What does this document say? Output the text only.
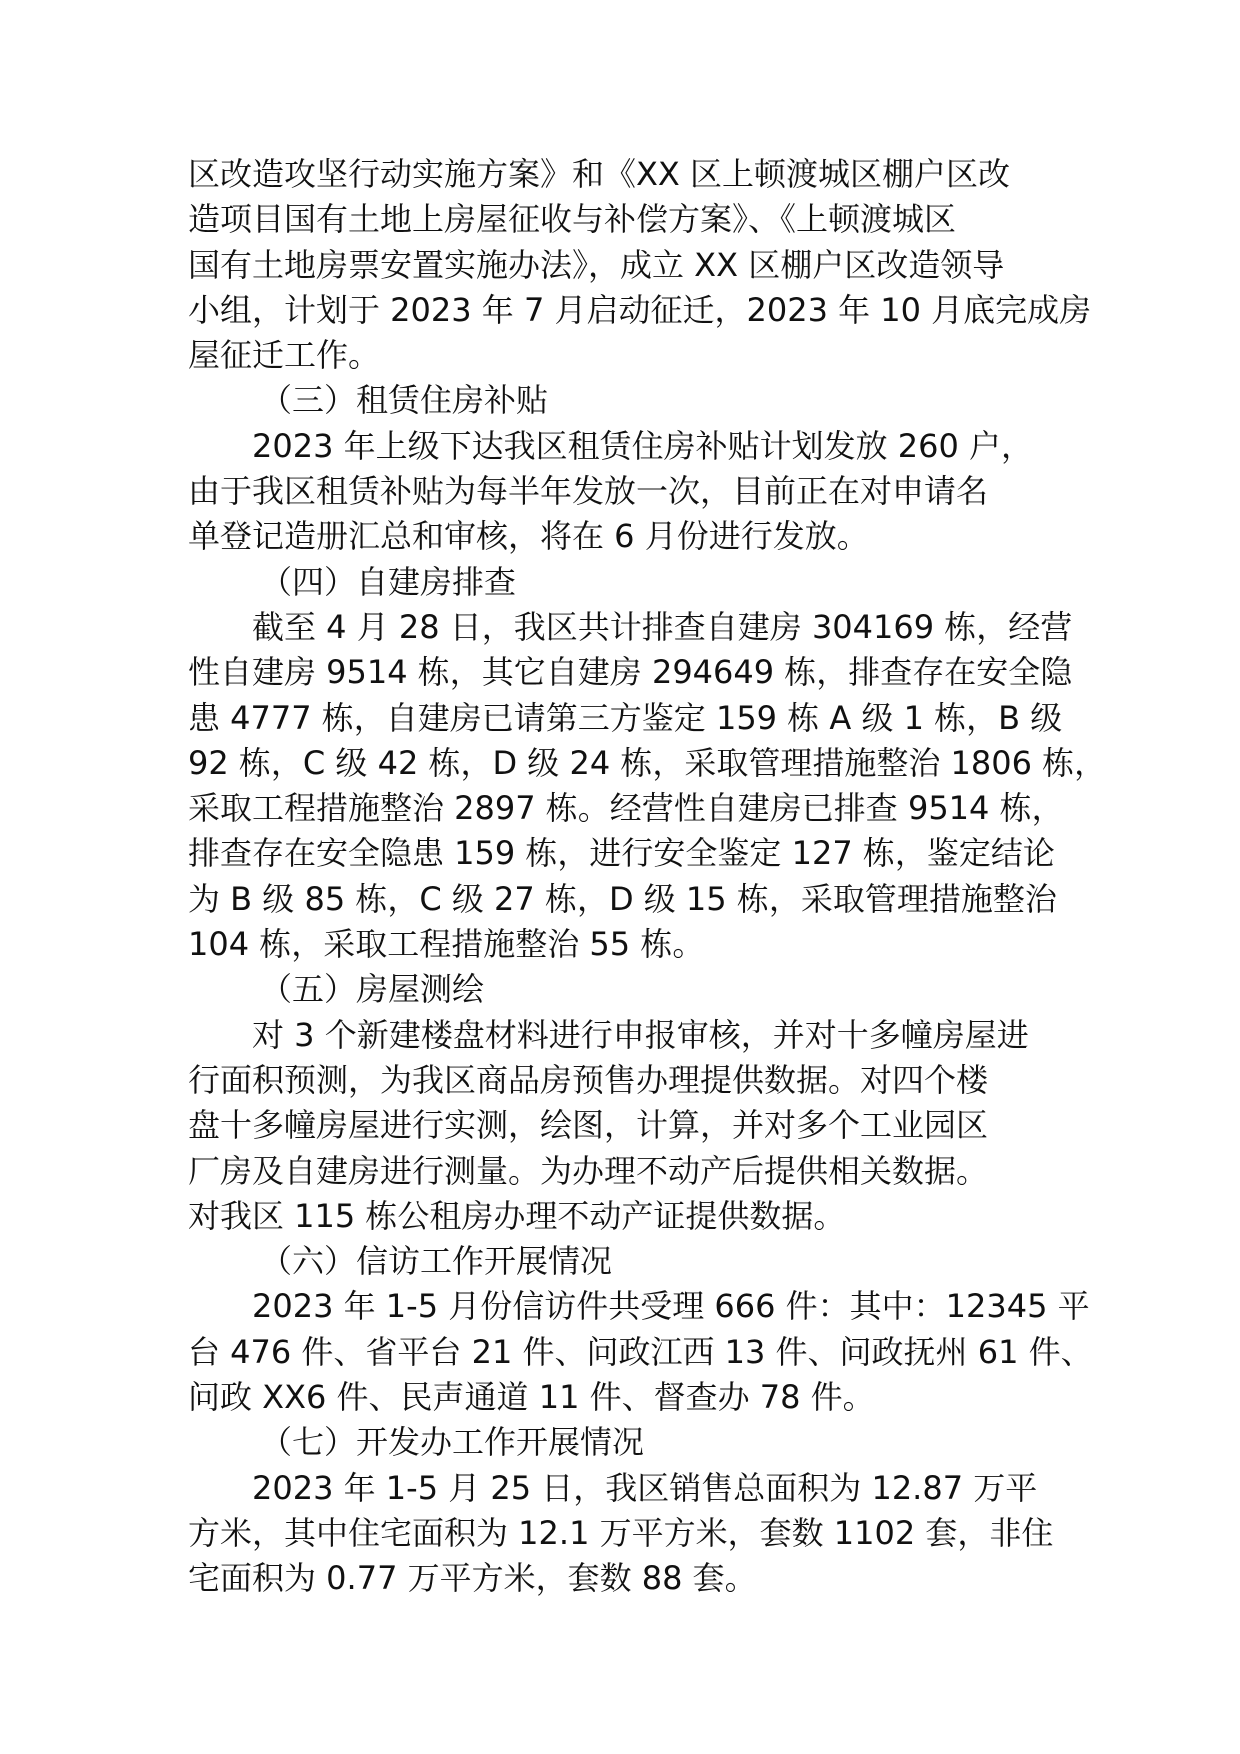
区改造攻坚行动实施方案》和《XX 区上顿渡城区棚户区改
造项目国有土地上房屋征收与补偿方案》、《上顿渡城区
国有土地房票安置实施办法》，成立 XX 区棚户区改造领导
小组，计划于 2023 年 7 月启动征迁，2023 年 10 月底完成房
屋征迁工作。
（三）租赁住房补贴
2023 年上级下达我区租赁住房补贴计划发放 260 户，
由于我区租赁补贴为每半年发放一次，目前正在对申请名
单登记造册汇总和审核，将在 6 月份进行发放。
（四）自建房排查
截至 4 月 28 日，我区共计排查自建房 304169 栋，经营
性自建房 9514 栋，其它自建房 294649 栋，排查存在安全隐
患 4777 栋，自建房已请第三方鉴定 159 栋 A 级 1 栋，B 级
92 栋，C 级 42 栋，D 级 24 栋，采取管理措施整治 1806 栋，
采取工程措施整治 2897 栋。经营性自建房已排查 9514 栋，
排查存在安全隐患 159 栋，进行安全鉴定 127 栋，鉴定结论
为 B 级 85 栋，C 级 27 栋，D 级 15 栋，采取管理措施整治
104 栋，采取工程措施整治 55 栋。
（五）房屋测绘
对 3 个新建楼盘材料进行申报审核，并对十多幢房屋进
行面积预测，为我区商品房预售办理提供数据。对四个楼
盘十多幢房屋进行实测，绘图，计算，并对多个工业园区
厂房及自建房进行测量。为办理不动产后提供相关数据。
对我区 115 栋公租房办理不动产证提供数据。
（六）信访工作开展情况
2023 年 1-5 月份信访件共受理 666 件：其中：12345 平
台 476 件、省平台 21 件、问政江西 13 件、问政抚州 61 件、
问政 XX6 件、民声通道 11 件、督查办 78 件。
（七）开发办工作开展情况
2023 年 1-5 月 25 日，我区销售总面积为 12.87 万平
方米，其中住宅面积为 12.1 万平方米，套数 1102 套，非住
宅面积为 0.77 万平方米，套数 88 套。
